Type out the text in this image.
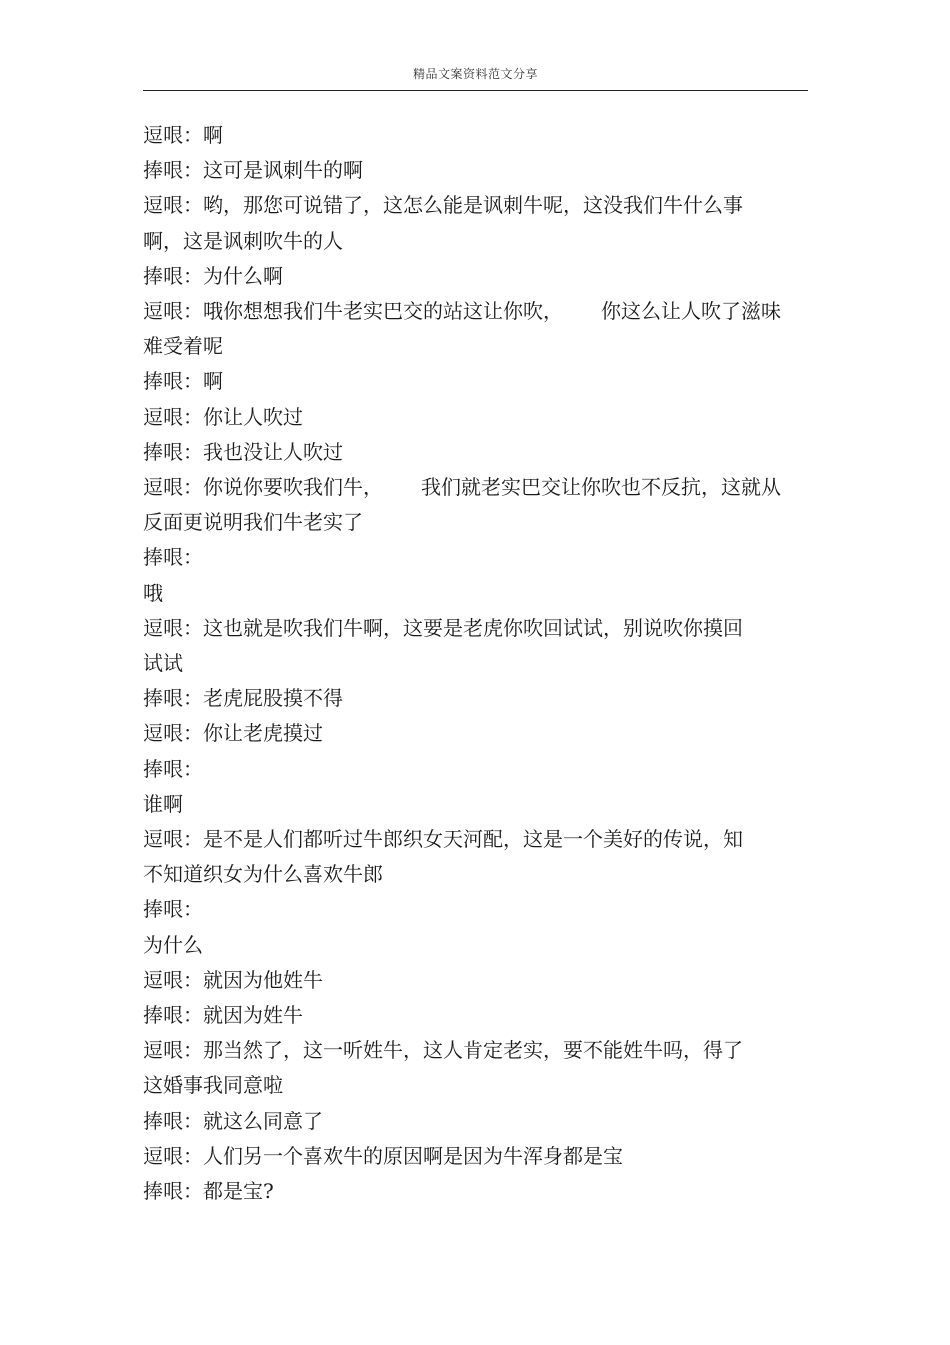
精品文案资料范文分享
逗哏：啊
捧哏：这可是讽刺牛的啊
逗哏：哟，那您可说错了，这怎么能是讽刺牛呢，这没我们牛什么事
啊，这是讽刺吹牛的人
捧哏：为什么啊
逗哏：哦你想想我们牛老实巴交的站这让你吹， 你这么让人吹了滋味
难受着呢
捧哏：啊
逗哏：你让人吹过
捧哏：我也没让人吹过
逗哏：你说你要吹我们牛， 我们就老实巴交让你吹也不反抗，这就从
反面更说明我们牛老实了
捧哏：
哦
逗哏：这也就是吹我们牛啊，这要是老虎你吹回试试，别说吹你摸回
试试
捧哏：老虎屁股摸不得
逗哏：你让老虎摸过
捧哏：
谁啊
逗哏：是不是人们都听过牛郎织女天河配，这是一个美好的传说，知
不知道织女为什么喜欢牛郎
捧哏：
为什么
逗哏：就因为他姓牛
捧哏：就因为姓牛
逗哏：那当然了，这一听姓牛，这人肯定老实，要不能姓牛吗，得了
这婚事我同意啦
捧哏：就这么同意了
逗哏：人们另一个喜欢牛的原因啊是因为牛浑身都是宝
捧哏：都是宝?
